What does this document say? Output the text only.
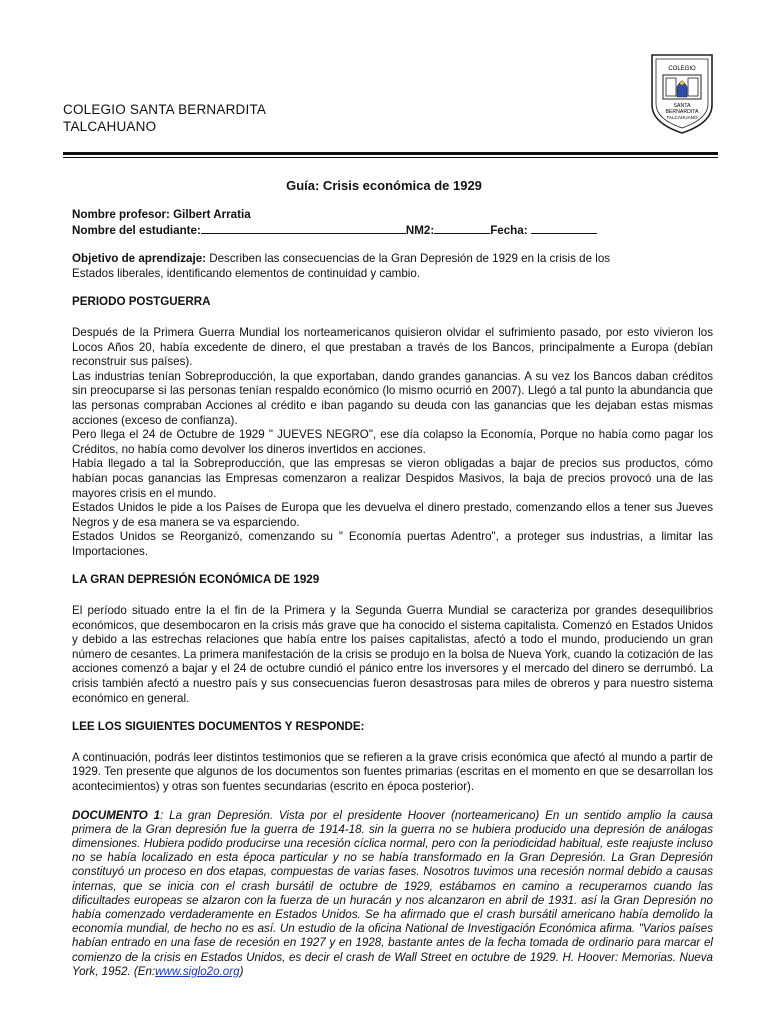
COLEGIO SANTA BERNARDITA
TALCAHUANO
COLEGIO
SANTA
BERNARDITA
TALCAHUANO
Guía: Crisis económica de 1929

Nombre profesor: Gilbert Arratia

Nombre del estudiante:	NM2:	Fecha:

Objetivo de aprendizaje: Describen las consecuencias de la Gran Depresión de 1929 en la crisis de los Estados liberales, identificando elementos de continuidad y cambio.

PERIODO POSTGUERRA

Después de la Primera Guerra Mundial los norteamericanos quisieron olvidar el sufrimiento pasado, por esto vivieron los Locos Años 20, había excedente de dinero, el que prestaban a través de los Bancos, principalmente a Europa (debían reconstruir sus países).

Las industrias tenían Sobreproducción, la que exportaban, dando grandes ganancias. A su vez los Bancos daban créditos sin preocuparse si las personas tenían respaldo económico (lo mismo ocurrió en 2007). Llegó a tal punto la abundancia que las personas compraban Acciones al crédito e iban pagando su deuda con las ganancias que les dejaban estas mismas acciones (exceso de confianza).

Pero llega el 24 de Octubre de 1929 " JUEVES NEGRO", ese día colapso la Economía, Porque no había como pagar los Créditos, no había como devolver los dineros invertidos en acciones.

Había llegado a tal la Sobreproducción, que las empresas se vieron obligadas a bajar de precios sus productos, cómo habían pocas ganancias las Empresas comenzaron a realizar Despidos Masivos, la baja de precios provocó una de las mayores crisis en el mundo.

Estados Unidos le pide a los Países de Europa que les devuelva el dinero prestado, comenzando ellos a tener sus Jueves Negros y de esa manera se va esparciendo.

Estados Unidos se Reorganizó, comenzando su " Economía puertas Adentro", a proteger sus industrias, a limitar las Importaciones.

LA GRAN DEPRESIÓN ECONÓMICA DE 1929

El período situado entre la el fin de la Primera y la Segunda Guerra Mundial se caracteriza por grandes desequilibrios económicos, que desembocaron en la crisis más grave que ha conocido el sistema capitalista. Comenzó en Estados Unidos y debido a las estrechas relaciones que había entre los países capitalistas, afectó a todo el mundo, produciendo un gran número de cesantes. La primera manifestación de la crisis se produjo en la bolsa de Nueva York, cuando la cotización de las acciones comenzó a bajar y el 24 de octubre cundió el pánico entre los inversores y el mercado del dinero se derrumbó. La crisis también afectó a nuestro país y sus consecuencias fueron desastrosas para miles de obreros y para nuestro sistema económico en general.

LEE LOS SIGUIENTES DOCUMENTOS Y RESPONDE:

A continuación, podrás leer distintos testimonios que se refieren a la grave crisis económica que afectó al mundo a partir de 1929. Ten presente que algunos de los documentos son fuentes primarias (escritas en el momento en que se desarrollan los acontecimientos) y otras son fuentes secundarias (escrito en época posterior).

DOCUMENTO 1: La gran Depresión. Vista por el presidente Hoover (norteamericano) En un sentido amplio la causa primera de la Gran depresión fue la guerra de 1914-18. sin la guerra no se hubiera producido una depresión de análogas dimensiones. Hubiera podido producirse una recesión cíclica normal, pero con la periodicidad habitual, este reajuste incluso no se había localizado en esta época particular y no se había transformado en la Gran Depresión. La Gran Depresión constituyó un proceso en dos etapas, compuestas de varias fases. Nosotros tuvimos una recesión normal debido a causas internas, que se inicia con el crash bursátil de octubre de 1929, estábamos en camino a recuperarnos cuando las dificultades europeas se alzaron con la fuerza de un huracán y nos alcanzaron en abril de 1931. así la Gran Depresión no había comenzado verdaderamente en Estados Unidos. Se ha afirmado que el crash bursátil americano había demolido la economía mundial, de hecho no es así. Un estudio de la oficina National de Investigación Económica afirma. "Varios países habían entrado en una fase de recesión en 1927 y en 1928, bastante antes de la fecha tomada de ordinario para marcar el comienzo de la crisis en Estados Unidos, es decir el crash de Wall Street en octubre de 1929. H. Hoover: Memorias. Nueva York, 1952. (En:www.siglo2o.org)
